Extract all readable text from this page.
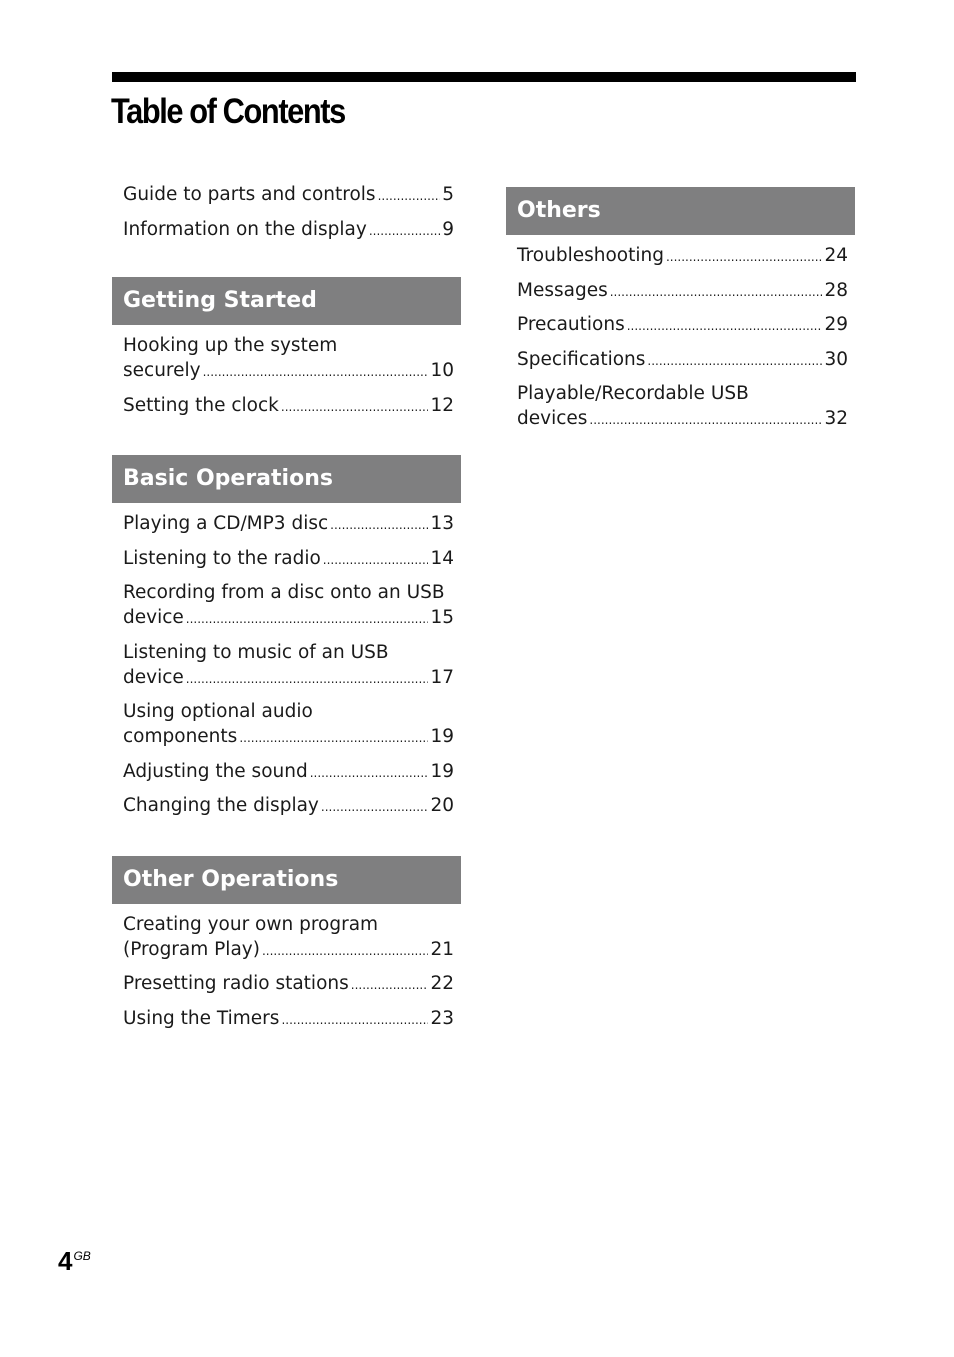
Table of Contents
Guide to parts and controls .....	5
Information on the display .....	9
Getting Started
Hooking up the system
securely .....	10
Setting the clock .....	12
Basic Operations
Playing a CD/MP3 disc .....	13
Listening to the radio .....	14
Recording from a disc onto an USB
device .....	15
Listening to music of an USB
device .....	17
Using optional audio
components .....	19
Adjusting the sound .....	19
Changing the display .....	20
Other Operations
Creating your own program
(Program Play) .....	21
Presetting radio stations .....	22
Using the Timers .....	23
Others
Troubleshooting .....	24
Messages .....	28
Precautions .....	29
Specifications .....	30
Playable/Recordable USB
devices .....	32
$4^{GB}$
